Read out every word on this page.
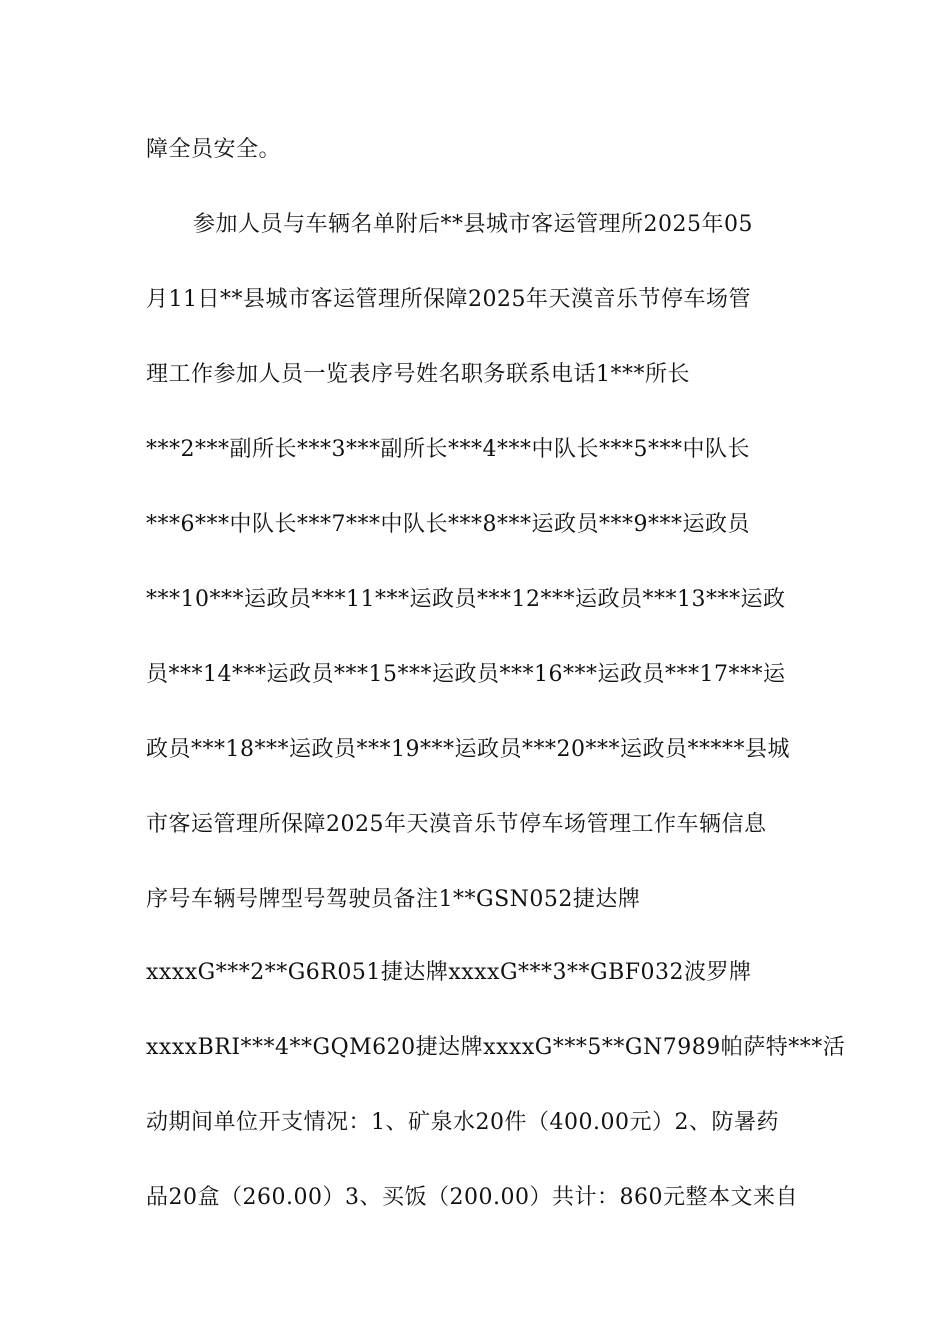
障全员安全。
参加人员与车辆名单附后**县城市客运管理所2025年05
月11日**县城市客运管理所保障2025年天漠音乐节停车场管
理工作参加人员一览表序号姓名职务联系电话1***所长
***2***副所长***3***副所长***4***中队长***5***中队长
***6***中队长***7***中队长***8***运政员***9***运政员
***10***运政员***11***运政员***12***运政员***13***运政
员***14***运政员***15***运政员***16***运政员***17***运
政员***18***运政员***19***运政员***20***运政员*****县城
市客运管理所保障2025年天漠音乐节停车场管理工作车辆信息
序号车辆号牌型号驾驶员备注1**GSN052捷达牌
xxxxG***2**G6R051捷达牌xxxxG***3**GBF032波罗牌
xxxxBRI***4**GQM620捷达牌xxxxG***5**GN7989帕萨特***活
动期间单位开支情况：1、矿泉水20件（400.00元）2、防暑药
品20盒（260.00）3、买饭（200.00）共计：860元整本文来自
